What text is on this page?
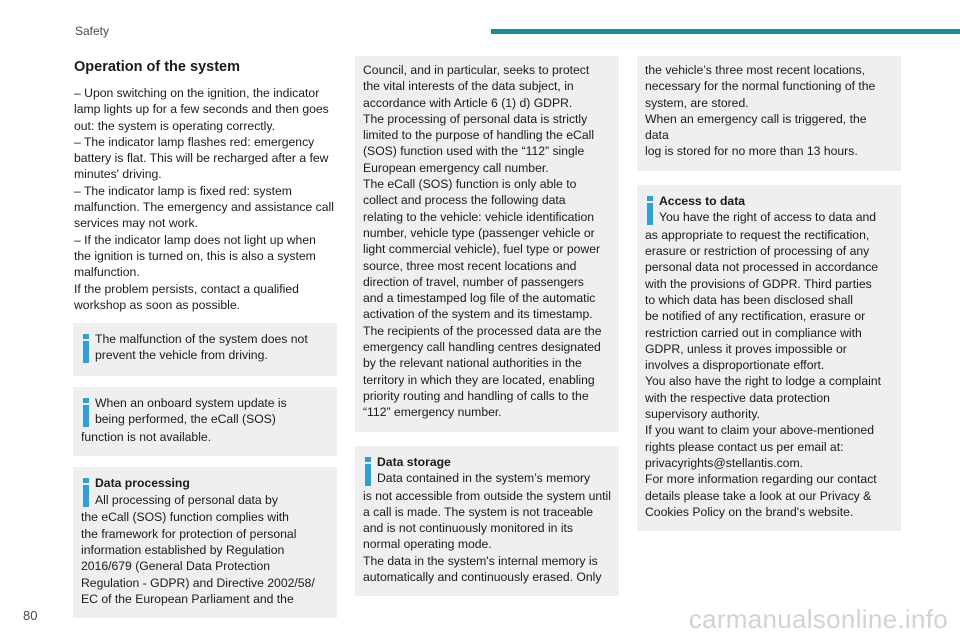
Safety
Operation of the system
– Upon switching on the ignition, the indicator
lamp lights up for a few seconds and then goes
out: the system is operating correctly.
– The indicator lamp flashes red: emergency
battery is flat. This will be recharged after a few
minutes' driving.
– The indicator lamp is fixed red: system
malfunction. The emergency and assistance call
services may not work.
– If the indicator lamp does not light up when
the ignition is turned on, this is also a system
malfunction.
If the problem persists, contact a qualified
workshop as soon as possible.
The malfunction of the system does not
prevent the vehicle from driving.
When an onboard system update is
being performed, the eCall (SOS)
function is not available.
Data processing
All processing of personal data by
the eCall (SOS) function complies with
the framework for protection of personal
information established by Regulation
2016/679 (General Data Protection
Regulation - GDPR) and Directive 2002/58/
EC of the European Parliament and the
Council, and in particular, seeks to protect
the vital interests of the data subject, in
accordance with Article 6 (1) d) GDPR.
The processing of personal data is strictly
limited to the purpose of handling the eCall
(SOS) function used with the “112” single
European emergency call number.
The eCall (SOS) function is only able to
collect and process the following data
relating to the vehicle: vehicle identification
number, vehicle type (passenger vehicle or
light commercial vehicle), fuel type or power
source, three most recent locations and
direction of travel, number of passengers
and a timestamped log file of the automatic
activation of the system and its timestamp.
The recipients of the processed data are the
emergency call handling centres designated
by the relevant national authorities in the
territory in which they are located, enabling
priority routing and handling of calls to the
“112” emergency number.
Data storage
Data contained in the system’s memory
is not accessible from outside the system until
a call is made. The system is not traceable
and is not continuously monitored in its
normal operating mode.
The data in the system's internal memory is
automatically and continuously erased. Only
the vehicle’s three most recent locations,
necessary for the normal functioning of the
system, are stored.
When an emergency call is triggered, the data
log is stored for no more than 13 hours.
Access to data
You have the right of access to data and
as appropriate to request the rectification,
erasure or restriction of processing of any
personal data not processed in accordance
with the provisions of GDPR. Third parties
to which data has been disclosed shall
be notified of any rectification, erasure or
restriction carried out in compliance with
GDPR, unless it proves impossible or
involves a disproportionate effort.
You also have the right to lodge a complaint
with the respective data protection
supervisory authority.
If you want to claim your above-mentioned
rights please contact us per email at:
privacyrights@stellantis.com.
For more information regarding our contact
details please take a look at our Privacy &
Cookies Policy on the brand's website.
80	carmanualsonline.info
